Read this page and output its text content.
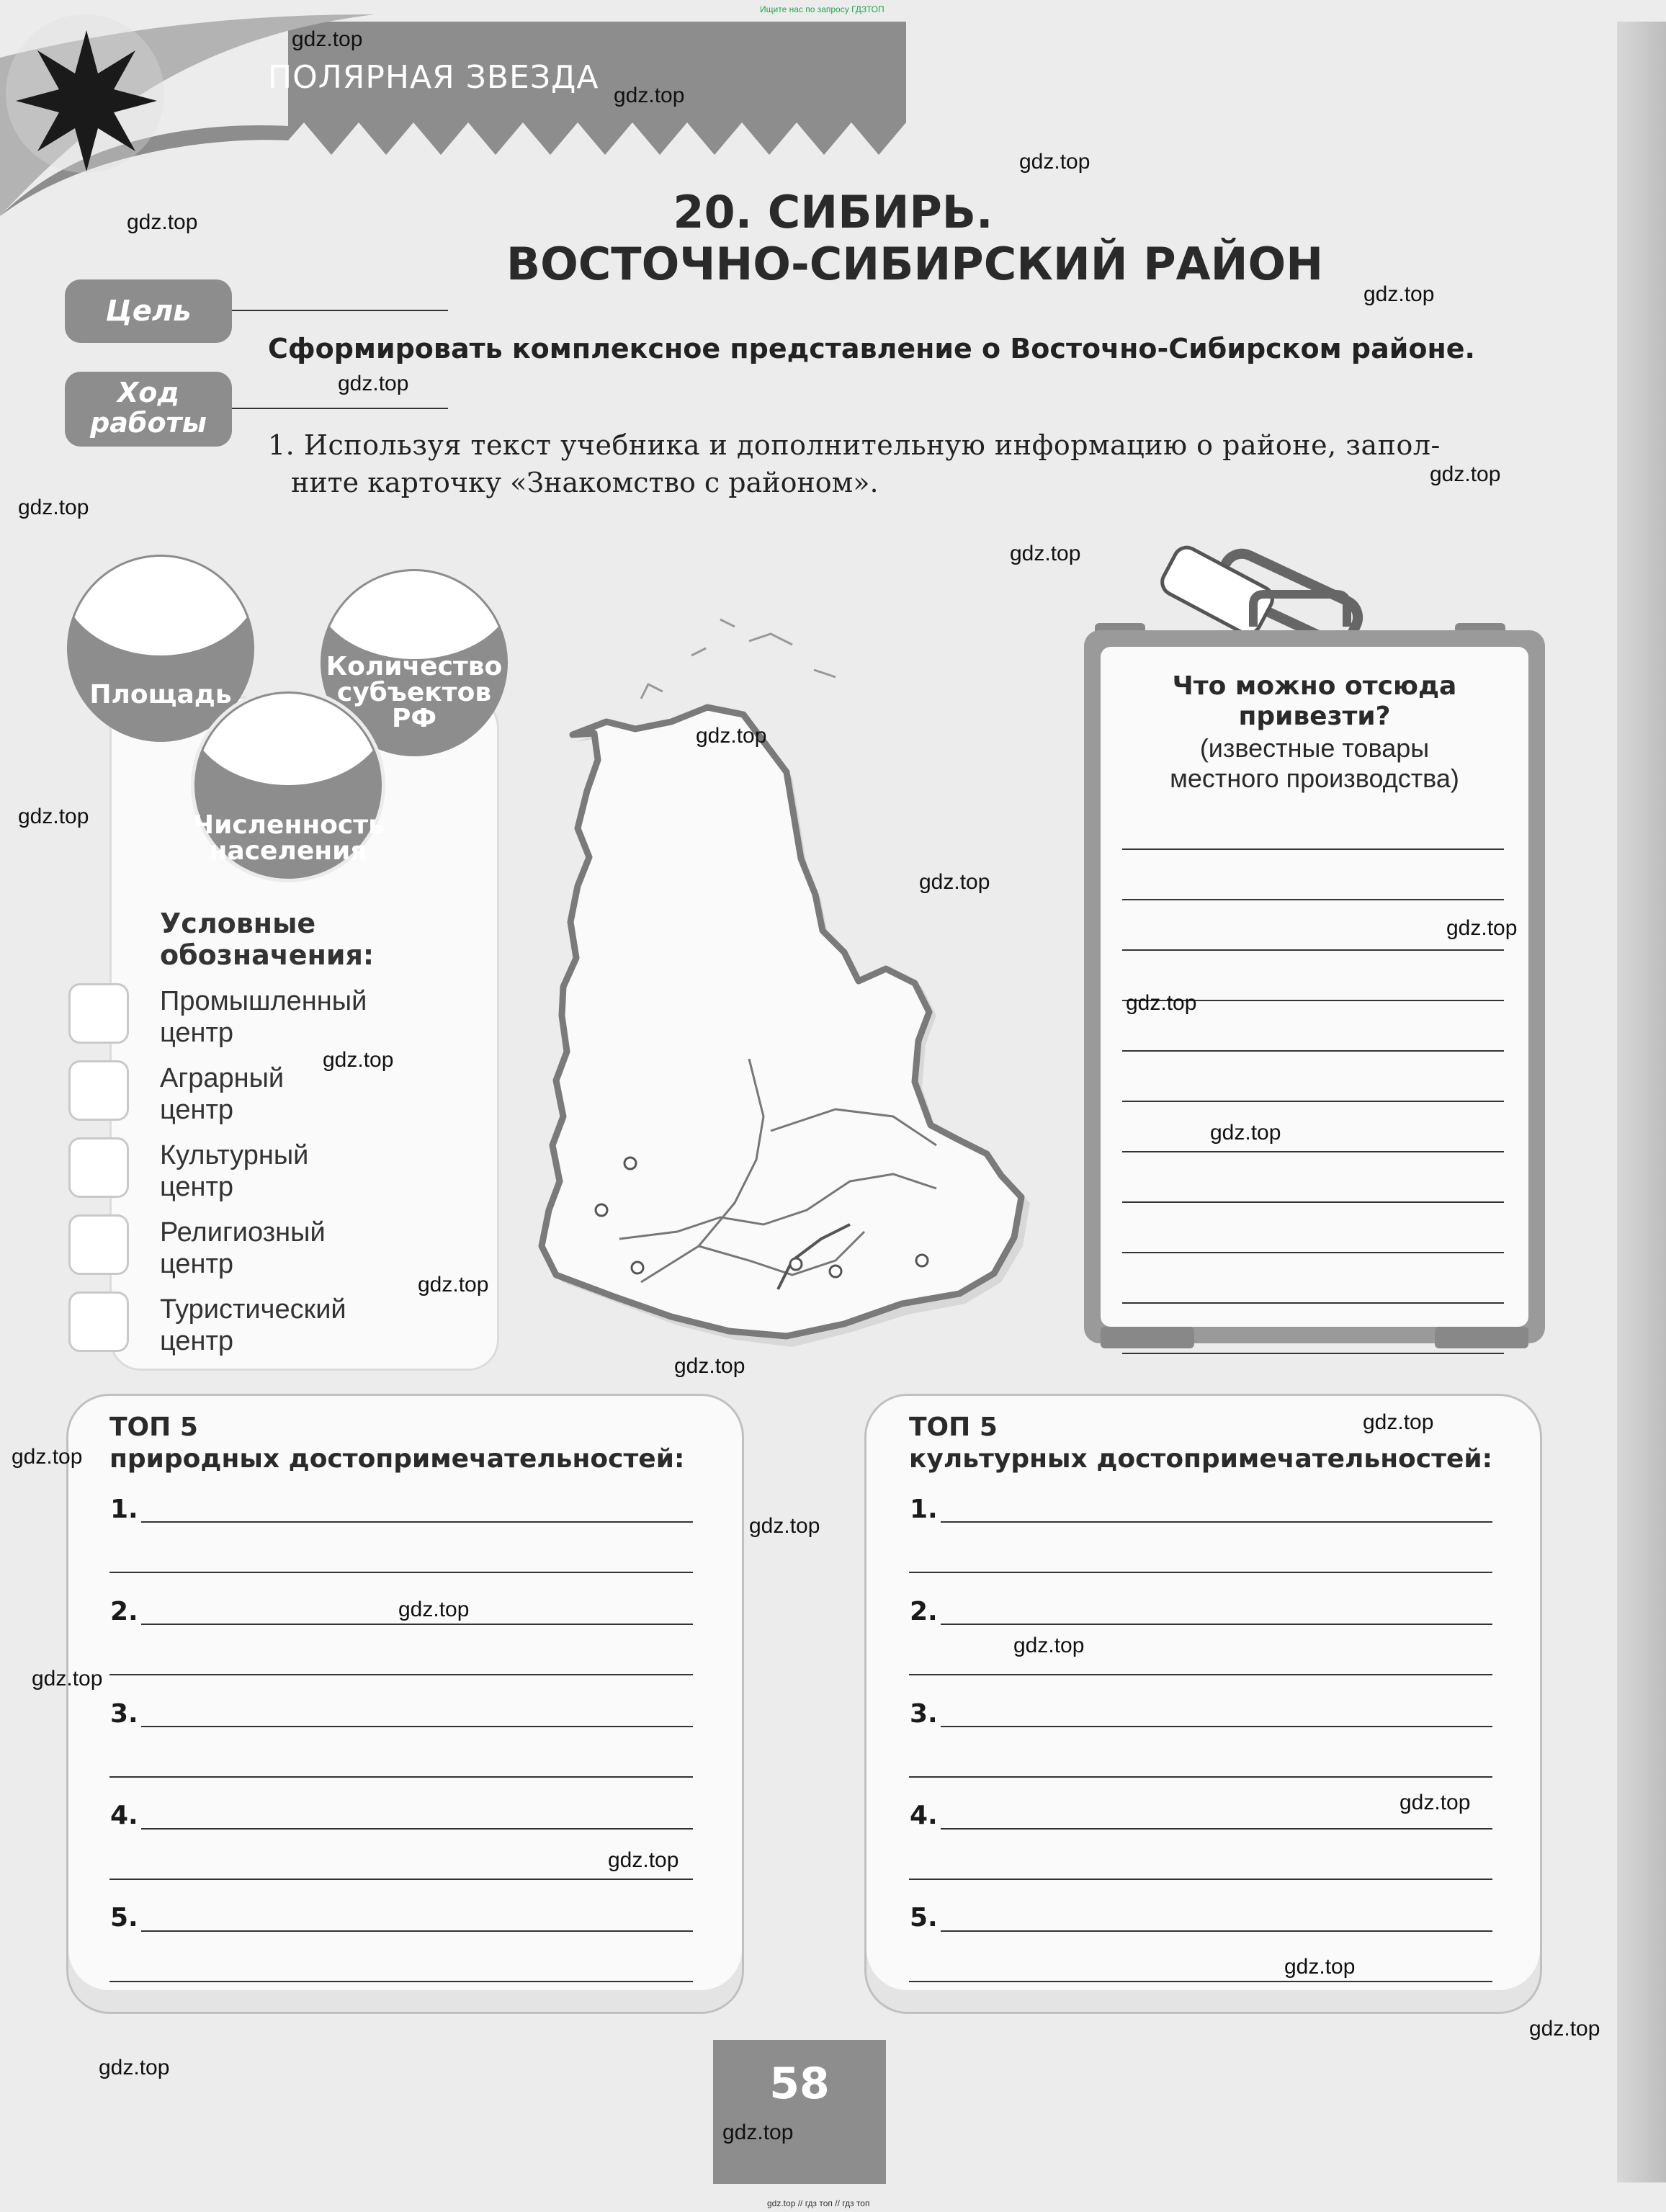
Ищите нас по запросу ГДЗТОП
gdz.top // гдз топ // гдз топ
ПОЛЯРНАЯ ЗВЕЗДА
20. СИБИРЬ.
ВОСТОЧНО-СИБИРСКИЙ РАЙОН
Цель
Сформировать комплексное представление о Восточно-Сибирском районе.
Ход
работы
1. Используя текст учебника и дополнительную информацию о районе, запол-
ните карточку «Знакомство с районом».
Площадь
Количество
субъектов
РФ
Численность
населения
Условные
обозначения:
Промышленный
центр
Аграрный
центр
Культурный
центр
Религиозный
центр
Туристический
центр
Что можно отсюда
привезти?
(известные товары
местного производства)
ТОП 5
природных достопримечательностей:
ТОП 5
культурных достопримечательностей:
1.
2.
3.
4.
5.
1.
2.
3.
4.
5.
58
gdz.top
gdz.top
gdz.top
gdz.top
gdz.top
gdz.top
gdz.top
gdz.top
gdz.top
gdz.top
gdz.top
gdz.top
gdz.top
gdz.top
gdz.top
gdz.top
gdz.top
gdz.top
gdz.top
gdz.top
gdz.top
gdz.top
gdz.top
gdz.top
gdz.top
gdz.top
gdz.top
gdz.top
gdz.top
gdz.top
